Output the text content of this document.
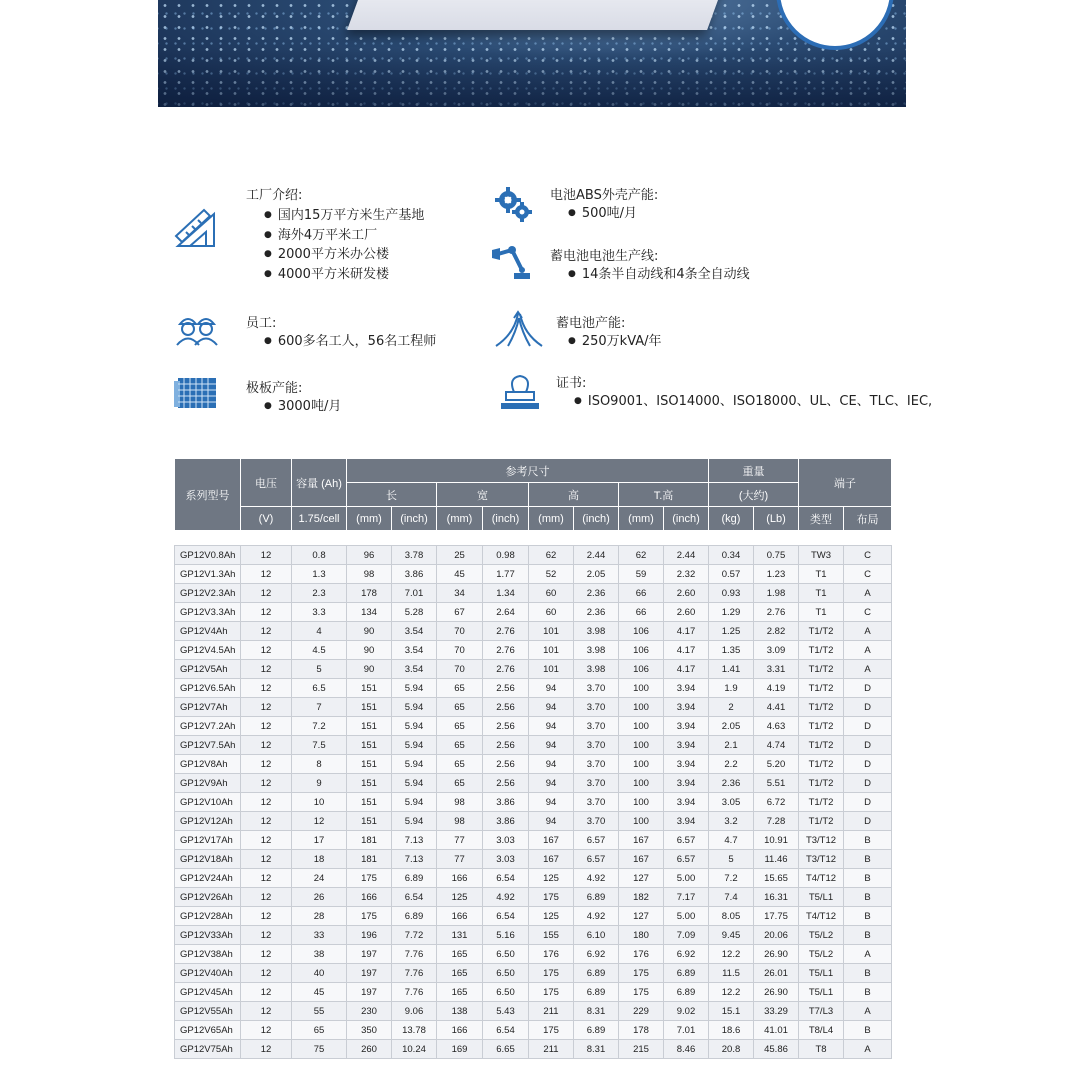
工厂介绍:
● 国内15万平方米生产基地
● 海外4万平米工厂
● 2000平方米办公楼
● 4000平方米研发楼
电池ABS外壳产能:
● 500吨/月
蓄电池电池生产线:
● 14条半自动线和4条全自动线
员工:
● 600多名工人，56名工程师
蓄电池产能:
● 250万kVA/年
极板产能:
● 3000吨/月
证书:
● ISO9001、ISO14000、ISO18000、UL、CE、TLC、IEC,
系列型号	电压	容量 (Ah)	参考尺寸								重量		端子	
			长		宽		高		T.高		(大约)			
	(V)	1.75/cell	(mm)	(inch)	(mm)	(inch)	(mm)	(inch)	(mm)	(inch)	(kg)	(Lb)	类型	布局
GP12V0.8Ah	12	0.8	96	3.78	25	0.98	62	2.44	62	2.44	0.34	0.75	TW3	C
GP12V1.3Ah	12	1.3	98	3.86	45	1.77	52	2.05	59	2.32	0.57	1.23	T1	C
GP12V2.3Ah	12	2.3	178	7.01	34	1.34	60	2.36	66	2.60	0.93	1.98	T1	A
GP12V3.3Ah	12	3.3	134	5.28	67	2.64	60	2.36	66	2.60	1.29	2.76	T1	C
GP12V4Ah	12	4	90	3.54	70	2.76	101	3.98	106	4.17	1.25	2.82	T1/T2	A
GP12V4.5Ah	12	4.5	90	3.54	70	2.76	101	3.98	106	4.17	1.35	3.09	T1/T2	A
GP12V5Ah	12	5	90	3.54	70	2.76	101	3.98	106	4.17	1.41	3.31	T1/T2	A
GP12V6.5Ah	12	6.5	151	5.94	65	2.56	94	3.70	100	3.94	1.9	4.19	T1/T2	D
GP12V7Ah	12	7	151	5.94	65	2.56	94	3.70	100	3.94	2	4.41	T1/T2	D
GP12V7.2Ah	12	7.2	151	5.94	65	2.56	94	3.70	100	3.94	2.05	4.63	T1/T2	D
GP12V7.5Ah	12	7.5	151	5.94	65	2.56	94	3.70	100	3.94	2.1	4.74	T1/T2	D
GP12V8Ah	12	8	151	5.94	65	2.56	94	3.70	100	3.94	2.2	5.20	T1/T2	D
GP12V9Ah	12	9	151	5.94	65	2.56	94	3.70	100	3.94	2.36	5.51	T1/T2	D
GP12V10Ah	12	10	151	5.94	98	3.86	94	3.70	100	3.94	3.05	6.72	T1/T2	D
GP12V12Ah	12	12	151	5.94	98	3.86	94	3.70	100	3.94	3.2	7.28	T1/T2	D
GP12V17Ah	12	17	181	7.13	77	3.03	167	6.57	167	6.57	4.7	10.91	T3/T12	B
GP12V18Ah	12	18	181	7.13	77	3.03	167	6.57	167	6.57	5	11.46	T3/T12	B
GP12V24Ah	12	24	175	6.89	166	6.54	125	4.92	127	5.00	7.2	15.65	T4/T12	B
GP12V26Ah	12	26	166	6.54	125	4.92	175	6.89	182	7.17	7.4	16.31	T5/L1	B
GP12V28Ah	12	28	175	6.89	166	6.54	125	4.92	127	5.00	8.05	17.75	T4/T12	B
GP12V33Ah	12	33	196	7.72	131	5.16	155	6.10	180	7.09	9.45	20.06	T5/L2	B
GP12V38Ah	12	38	197	7.76	165	6.50	176	6.92	176	6.92	12.2	26.90	T5/L2	A
GP12V40Ah	12	40	197	7.76	165	6.50	175	6.89	175	6.89	11.5	26.01	T5/L1	B
GP12V45Ah	12	45	197	7.76	165	6.50	175	6.89	175	6.89	12.2	26.90	T5/L1	B
GP12V55Ah	12	55	230	9.06	138	5.43	211	8.31	229	9.02	15.1	33.29	T7/L3	A
GP12V65Ah	12	65	350	13.78	166	6.54	175	6.89	178	7.01	18.6	41.01	T8/L4	B
GP12V75Ah	12	75	260	10.24	169	6.65	211	8.31	215	8.46	20.8	45.86	T8	A
